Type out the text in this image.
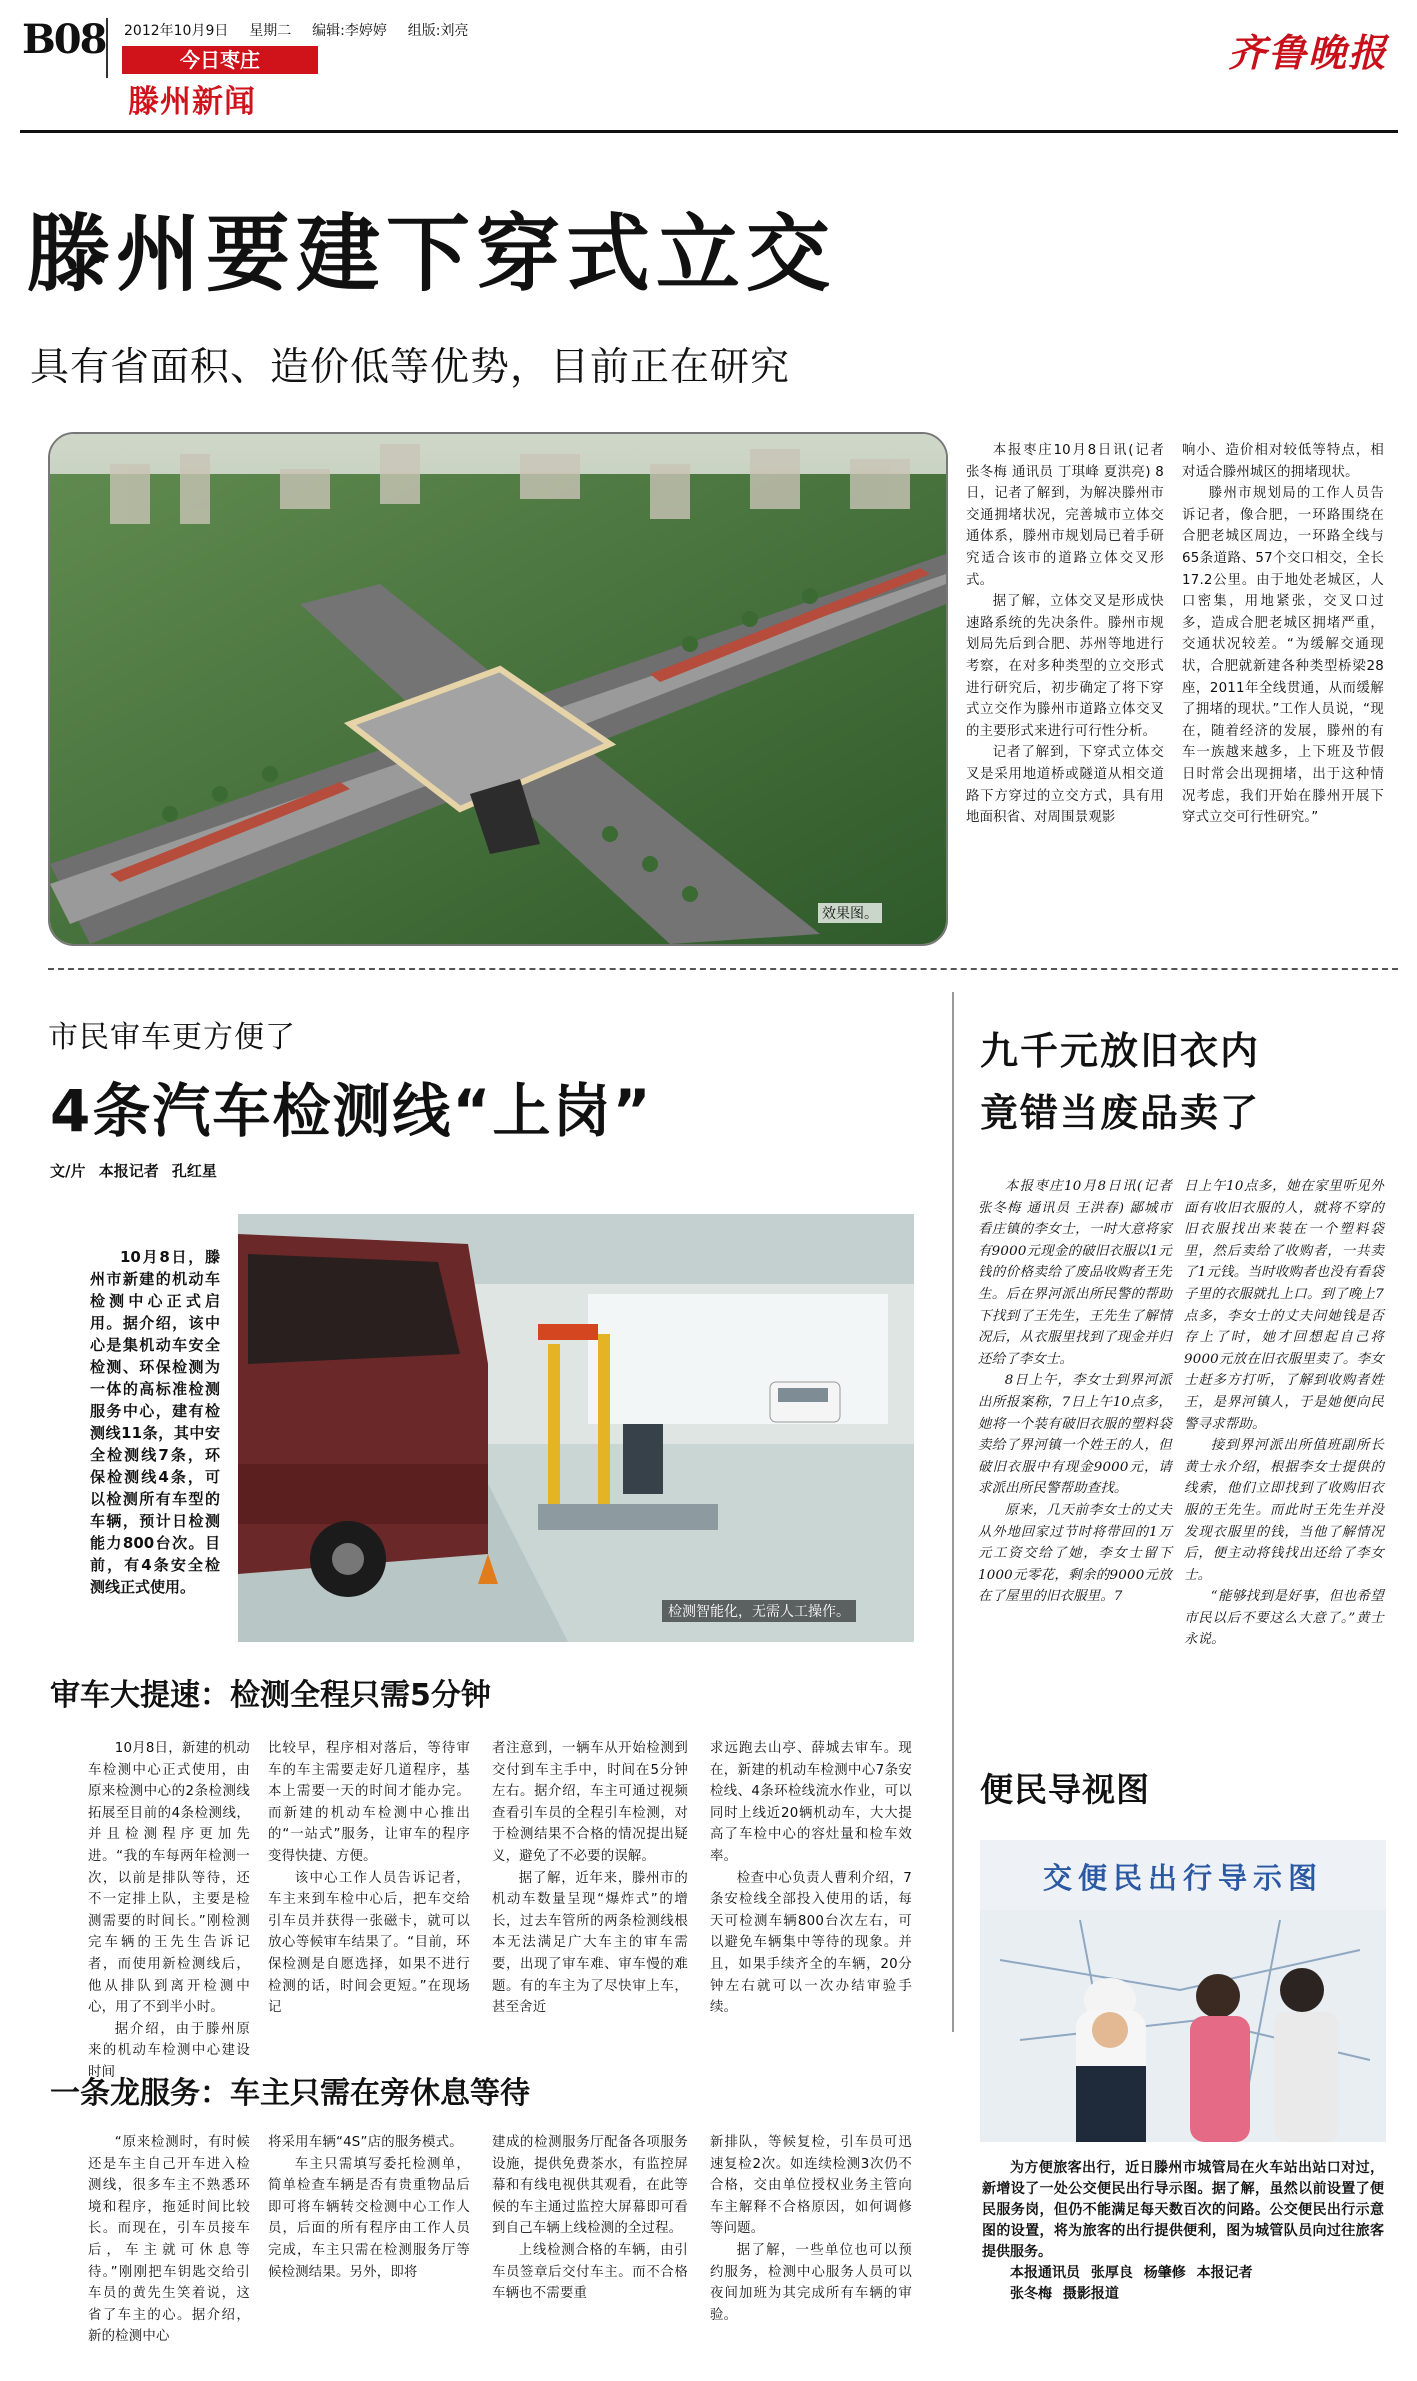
B08 2012年10月9日 星期二 编辑:李婷婷 组版:刘亮
今日枣庄
滕州新闻
齐鲁晚报
滕州要建下穿式立交
具有省面积、造价低等优势，目前正在研究
效果图。

本报枣庄10月8日讯(记者 张冬梅 通讯员 丁琪峰 夏洪亮) 8日，记者了解到，为解决滕州市交通拥堵状况，完善城市立体交通体系，滕州市规划局已着手研究适合该市的道路立体交叉形式。

据了解，立体交叉是形成快速路系统的先决条件。滕州市规划局先后到合肥、苏州等地进行考察，在对多种类型的立交形式进行研究后，初步确定了将下穿式立交作为滕州市道路立体交叉的主要形式来进行可行性分析。

记者了解到，下穿式立体交叉是采用地道桥或隧道从相交道路下方穿过的立交方式，具有用地面积省、对周围景观影

响小、造价相对较低等特点，相对适合滕州城区的拥堵现状。

滕州市规划局的工作人员告诉记者，像合肥，一环路围绕在合肥老城区周边，一环路全线与65条道路、57个交口相交，全长17.2公里。由于地处老城区，人口密集，用地紧张，交叉口过多，造成合肥老城区拥堵严重，交通状况较差。“为缓解交通现状，合肥就新建各种类型桥梁28座，2011年全线贯通，从而缓解了拥堵的现状。”工作人员说，“现在，随着经济的发展，滕州的有车一族越来越多，上下班及节假日时常会出现拥堵，出于这种情况考虑，我们开始在滕州开展下穿式立交可行性研究。”

市民审车更方便了
4条汽车检测线“上岗”
文/片 本报记者 孔红星

10月8日，滕州市新建的机动车检测中心正式启用。据介绍，该中心是集机动车安全检测、环保检测为一体的高标准检测服务中心，建有检测线11条，其中安全检测线7条，环保检测线4条，可以检测所有车型的车辆，预计日检测能力800台次。目前，有4条安全检测线正式使用。

检测智能化，无需人工操作。
审车大提速：检测全程只需5分钟

10月8日，新建的机动车检测中心正式使用，由原来检测中心的2条检测线拓展至目前的4条检测线，并且检测程序更加先进。“我的车每两年检测一次，以前是排队等待，还不一定排上队，主要是检测需要的时间长。”刚检测完车辆的王先生告诉记者，而使用新检测线后，他从排队到离开检测中心，用了不到半小时。

据介绍，由于滕州原来的机动车检测中心建设时间

比较早，程序相对落后，等待审车的车主需要走好几道程序，基本上需要一天的时间才能办完。而新建的机动车检测中心推出的“一站式”服务，让审车的程序变得快捷、方便。

该中心工作人员告诉记者，车主来到车检中心后，把车交给引车员并获得一张磁卡，就可以放心等候审车结果了。“目前，环保检测是自愿选择，如果不进行检测的话，时间会更短。”在现场记

者注意到，一辆车从开始检测到交付到车主手中，时间在5分钟左右。据介绍，车主可通过视频查看引车员的全程引车检测，对于检测结果不合格的情况提出疑义，避免了不必要的误解。

据了解，近年来，滕州市的机动车数量呈现“爆炸式”的增长，过去车管所的两条检测线根本无法满足广大车主的审车需要，出现了审车难、审车慢的难题。有的车主为了尽快审上车，甚至舍近

求远跑去山亭、薛城去审车。现在，新建的机动车检测中心7条安检线、4条环检线流水作业，可以同时上线近20辆机动车，大大提高了车检中心的容灶量和检车效率。

检查中心负责人曹利介绍，7条安检线全部投入使用的话，每天可检测车辆800台次左右，可以避免车辆集中等待的现象。并且，如果手续齐全的车辆，20分钟左右就可以一次办结审验手续。

一条龙服务：车主只需在旁休息等待

“原来检测时，有时候还是车主自己开车进入检测线，很多车主不熟悉环境和程序，拖延时间比较长。而现在，引车员接车后，车主就可休息等待。”刚刚把车钥匙交给引车员的黄先生笑着说，这省了车主的心。据介绍，新的检测中心

将采用车辆“4S”店的服务模式。

车主只需填写委托检测单，简单检查车辆是否有贵重物品后即可将车辆转交检测中心工作人员，后面的所有程序由工作人员完成，车主只需在检测服务厅等候检测结果。另外，即将

建成的检测服务厅配备各项服务设施，提供免费茶水，有监控屏幕和有线电视供其观看，在此等候的车主通过监控大屏幕即可看到自己车辆上线检测的全过程。

上线检测合格的车辆，由引车员签章后交付车主。而不合格车辆也不需要重

新排队，等候复检，引车员可迅速复检2次。如连续检测3次仍不合格，交由单位授权业务主管向车主解释不合格原因，如何调修等问题。

据了解，一些单位也可以预约服务，检测中心服务人员可以夜间加班为其完成所有车辆的审验。

九千元放旧衣内
竟错当废品卖了

本报枣庄10月8日讯(记者 张冬梅 通讯员 王洪春) 鄙城市看庄镇的李女士，一时大意将家有9000元现金的破旧衣服以1元钱的价格卖给了废品收购者王先生。后在界河派出所民警的帮助下找到了王先生，王先生了解情况后，从衣服里找到了现金并归还给了李女士。

8日上午，李女士到界河派出所报案称，7日上午10点多，她将一个装有破旧衣服的塑料袋卖给了界河镇一个姓王的人，但破旧衣服中有现金9000元，请求派出所民警帮助查找。

原来，几天前李女士的丈夫从外地回家过节时将带回的1万元工资交给了她，李女士留下1000元零花，剩余的9000元放在了屋里的旧衣服里。7

日上午10点多，她在家里听见外面有收旧衣服的人，就将不穿的旧衣服找出来装在一个塑料袋里，然后卖给了收购者，一共卖了1元钱。当时收购者也没有看袋子里的衣服就扎上口。到了晚上7点多，李女士的丈夫问她钱是否存上了时，她才回想起自己将9000元放在旧衣服里卖了。李女士赶多方打听，了解到收购者姓王，是界河镇人，于是她便向民警寻求帮助。

接到界河派出所值班副所长黄士永介绍，根据李女士提供的线索，他们立即找到了收购旧衣服的王先生。而此时王先生并没发现衣服里的钱，当他了解情况后，便主动将钱找出还给了李女士。

“能够找到是好事，但也希望市民以后不要这么大意了。”黄士永说。

便民导视图
交便民出行导示图

为方便旅客出行，近日滕州市城管局在火车站出站口对过，新增设了一处公交便民出行导示图。据了解，虽然以前设置了便民服务岗，但仍不能满足每天数百次的问路。公交便民出行示意图的设置，将为旅客的出行提供便利，图为城管队员向过往旅客提供服务。

本报通讯员 张厚良 杨肇修 本报记者

张冬梅 摄影报道
